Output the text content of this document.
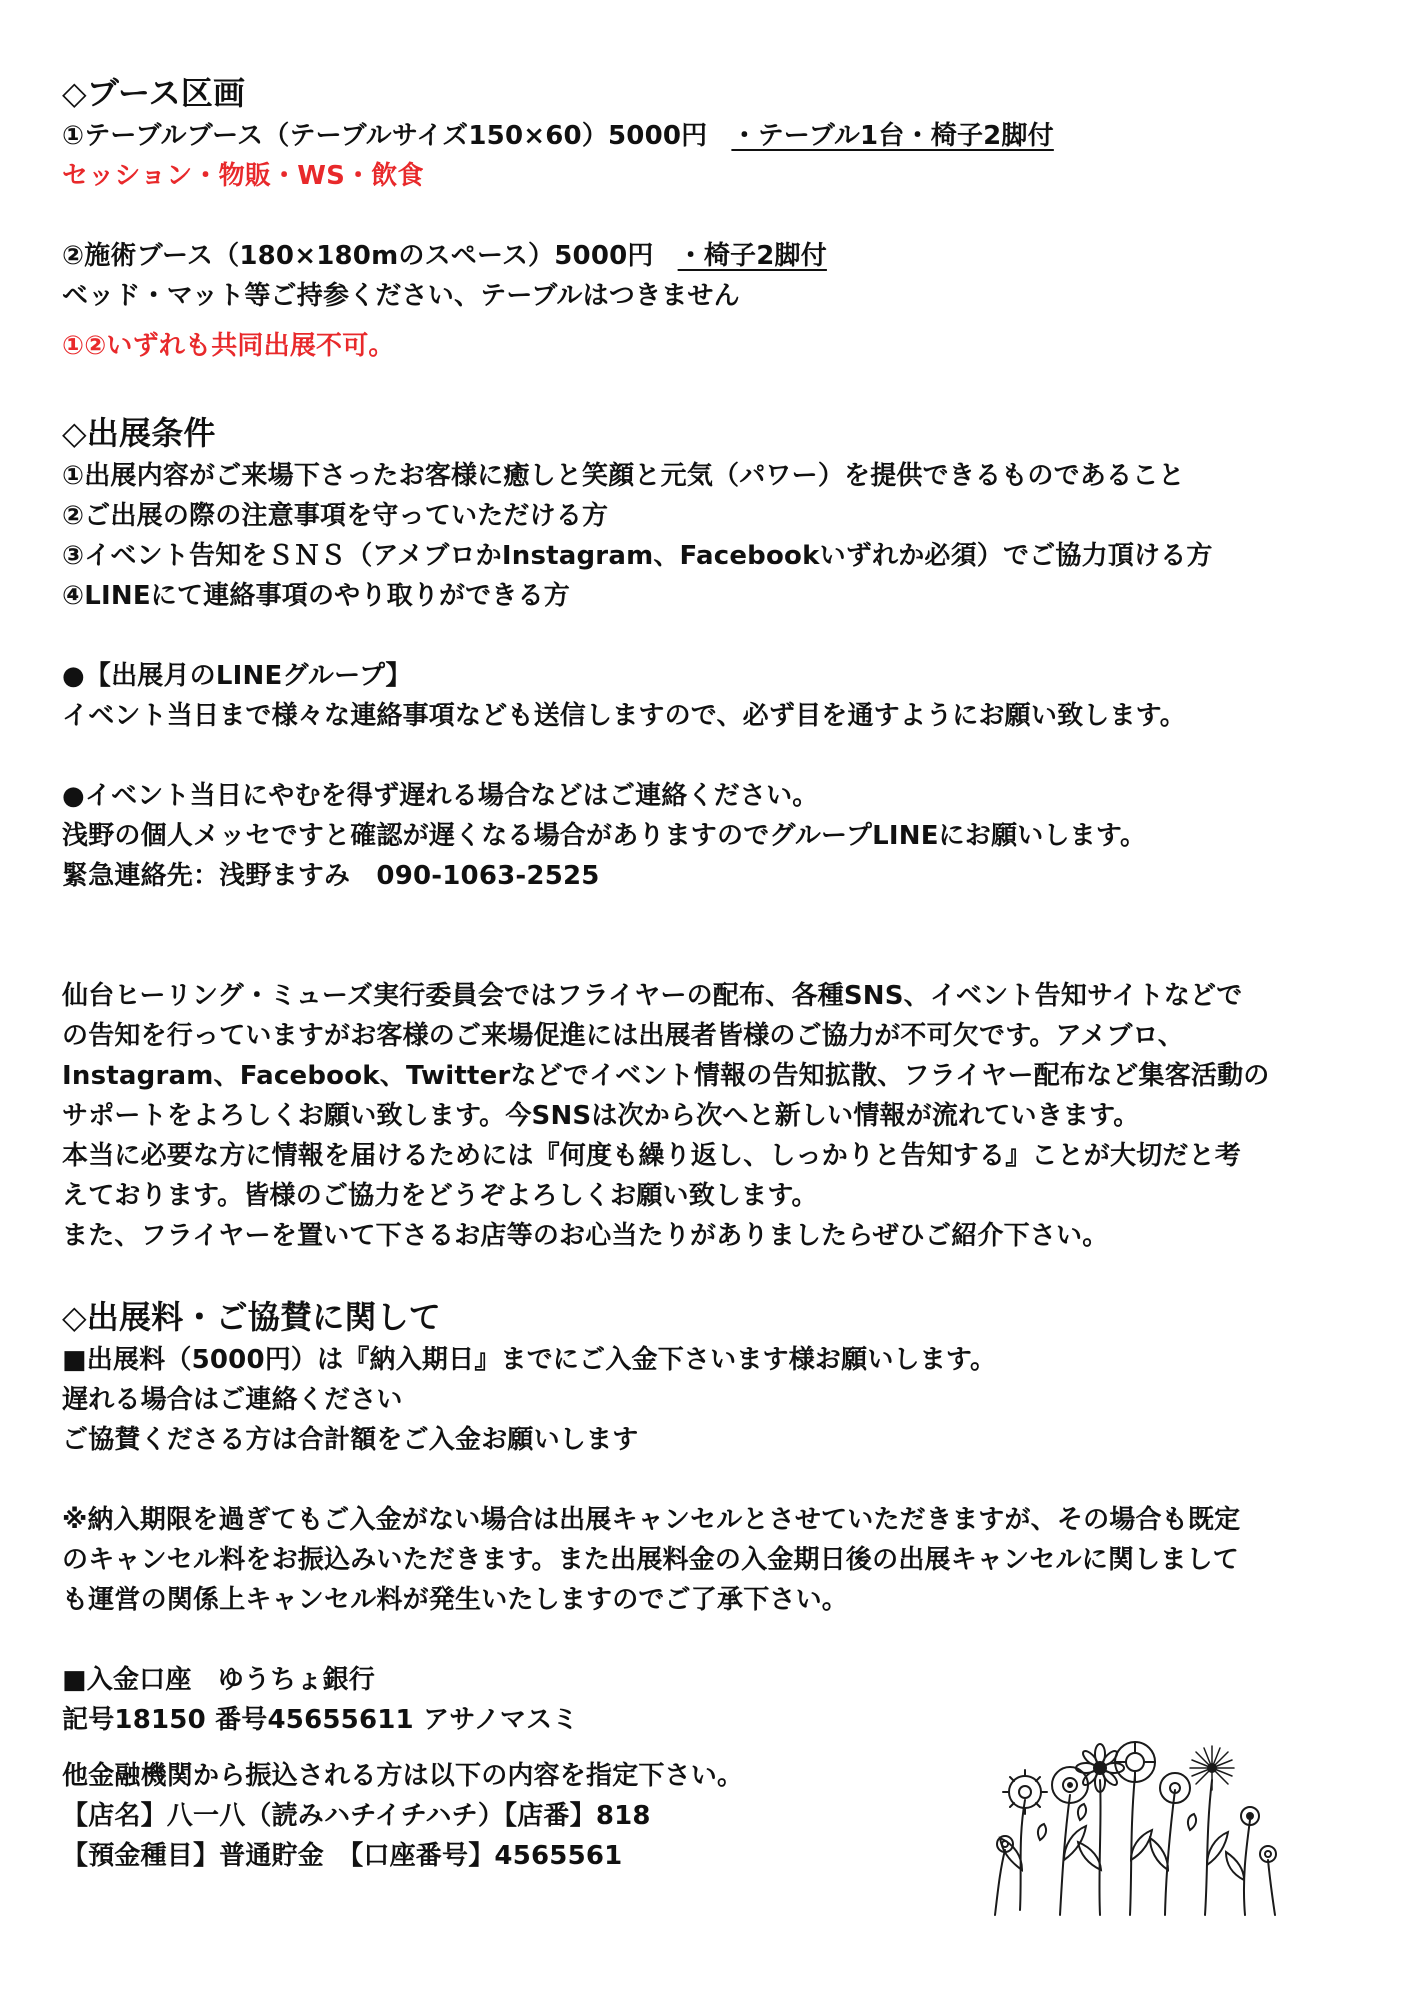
◇ブース区画
①テーブルブース（テーブルサイズ150×60）5000円 ・テーブル1台・椅子2脚付
セッション・物販・WS・飲食
②施術ブース（180×180mのスペース）5000円 ・椅子2脚付
ベッド・マット等ご持参ください、テーブルはつきません
①②いずれも共同出展不可。
◇出展条件
①出展内容がご来場下さったお客様に癒しと笑顔と元気（パワー）を提供できるものであること
②ご出展の際の注意事項を守っていただける方
③イベント告知をＳＮＳ（アメブロかInstagram、Facebookいずれか必須）でご協力頂ける方
④LINEにて連絡事項のやり取りができる方
●【出展月のLINEグループ】
イベント当日まで様々な連絡事項なども送信しますので、必ず目を通すようにお願い致します。
●イベント当日にやむを得ず遅れる場合などはご連絡ください。
浅野の個人メッセですと確認が遅くなる場合がありますのでグループLINEにお願いします。
緊急連絡先：浅野ますみ　090-1063-2525
仙台ヒーリング・ミューズ実行委員会ではフライヤーの配布、各種SNS、イベント告知サイトなどで
の告知を行っていますがお客様のご来場促進には出展者皆様のご協力が不可欠です。アメブロ、
Instagram、Facebook、Twitterなどでイベント情報の告知拡散、フライヤー配布など集客活動の
サポートをよろしくお願い致します。今SNSは次から次へと新しい情報が流れていきます。
本当に必要な方に情報を届けるためには『何度も繰り返し、しっかりと告知する』ことが大切だと考
えております。皆様のご協力をどうぞよろしくお願い致します。
また、フライヤーを置いて下さるお店等のお心当たりがありましたらぜひご紹介下さい。
◇出展料・ご協賛に関して
■出展料（5000円）は『納入期日』までにご入金下さいます様お願いします。
遅れる場合はご連絡ください
ご協賛くださる方は合計額をご入金お願いします
※納入期限を過ぎてもご入金がない場合は出展キャンセルとさせていただきますが、その場合も既定
のキャンセル料をお振込みいただきます。また出展料金の入金期日後の出展キャンセルに関しまして
も運営の関係上キャンセル料が発生いたしますのでご了承下さい。
■入金口座　ゆうちょ銀行
記号18150 番号45655611 アサノマスミ
他金融機関から振込される方は以下の内容を指定下さい。
【店名】八一八（読みハチイチハチ）【店番】818
【預金種目】普通貯金　【口座番号】4565561
